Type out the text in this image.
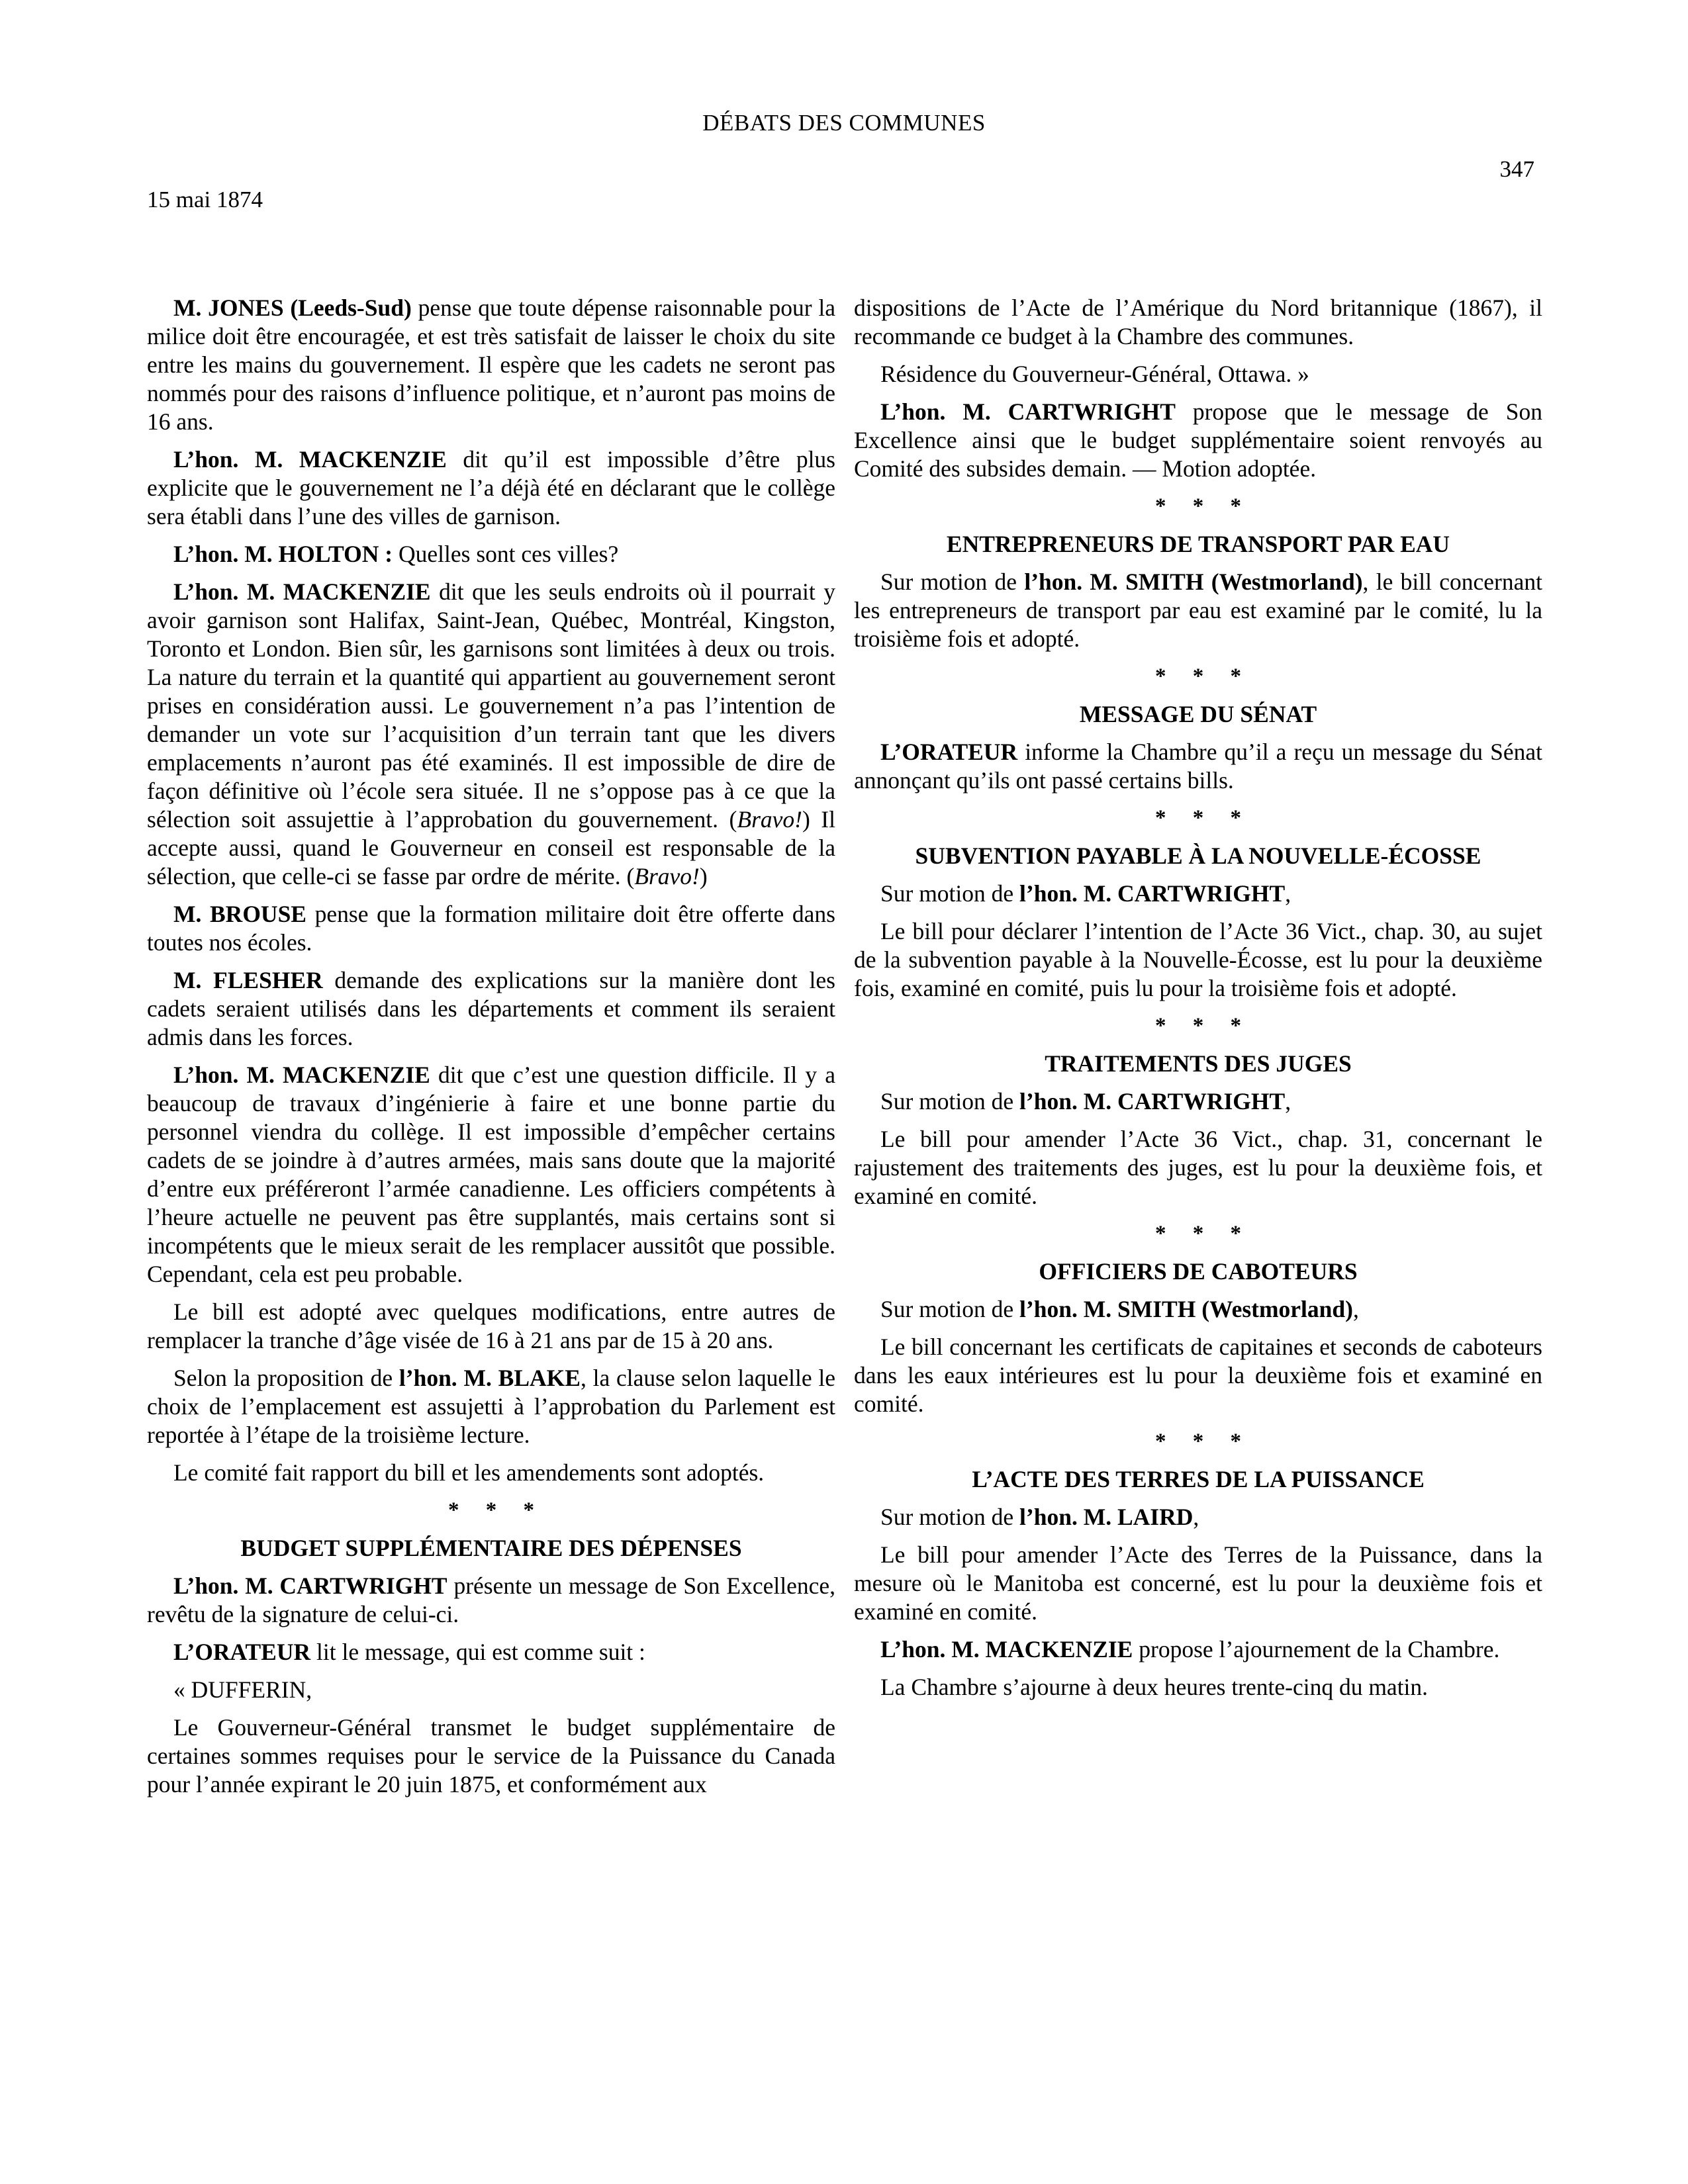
DÉBATS DES COMMUNES
347
15 mai 1874

M. JONES (Leeds-Sud) pense que toute dépense raisonnable pour la milice doit être encouragée, et est très satisfait de laisser le choix du site entre les mains du gouvernement. Il espère que les cadets ne seront pas nommés pour des raisons d’influence politique, et n’auront pas moins de 16 ans.

L’hon. M. MACKENZIE dit qu’il est impossible d’être plus explicite que le gouvernement ne l’a déjà été en déclarant que le collège sera établi dans l’une des villes de garnison.

L’hon. M. HOLTON : Quelles sont ces villes?

L’hon. M. MACKENZIE dit que les seuls endroits où il pourrait y avoir garnison sont Halifax, Saint-Jean, Québec, Montréal, Kingston, Toronto et London. Bien sûr, les garnisons sont limitées à deux ou trois. La nature du terrain et la quantité qui appartient au gouvernement seront prises en considération aussi. Le gouvernement n’a pas l’intention de demander un vote sur l’acquisition d’un terrain tant que les divers emplacements n’auront pas été examinés. Il est impossible de dire de façon définitive où l’école sera située. Il ne s’oppose pas à ce que la sélection soit assujettie à l’approbation du gouvernement. (Bravo!) Il accepte aussi, quand le Gouverneur en conseil est responsable de la sélection, que celle-ci se fasse par ordre de mérite. (Bravo!)

M. BROUSE pense que la formation militaire doit être offerte dans toutes nos écoles.

M. FLESHER demande des explications sur la manière dont les cadets seraient utilisés dans les départements et comment ils seraient admis dans les forces.

L’hon. M. MACKENZIE dit que c’est une question difficile. Il y a beaucoup de travaux d’ingénierie à faire et une bonne partie du personnel viendra du collège. Il est impossible d’empêcher certains cadets de se joindre à d’autres armées, mais sans doute que la majorité d’entre eux préféreront l’armée canadienne. Les officiers compétents à l’heure actuelle ne peuvent pas être supplantés, mais certains sont si incompétents que le mieux serait de les remplacer aussitôt que possible. Cependant, cela est peu probable.

Le bill est adopté avec quelques modifications, entre autres de remplacer la tranche d’âge visée de 16 à 21 ans par de 15 à 20 ans.

Selon la proposition de l’hon. M. BLAKE, la clause selon laquelle le choix de l’emplacement est assujetti à l’approbation du Parlement est reportée à l’étape de la troisième lecture.

Le comité fait rapport du bill et les amendements sont adoptés.

* * *
BUDGET SUPPLÉMENTAIRE DES DÉPENSES

L’hon. M. CARTWRIGHT présente un message de Son Excellence, revêtu de la signature de celui-ci.

L’ORATEUR lit le message, qui est comme suit :

« DUFFERIN,

Le Gouverneur-Général transmet le budget supplémentaire de certaines sommes requises pour le service de la Puissance du Canada pour l’année expirant le 20 juin 1875, et conformément aux

dispositions de l’Acte de l’Amérique du Nord britannique (1867), il recommande ce budget à la Chambre des communes.

Résidence du Gouverneur-Général, Ottawa. »

L’hon. M. CARTWRIGHT propose que le message de Son Excellence ainsi que le budget supplémentaire soient renvoyés au Comité des subsides demain. — Motion adoptée.

* * *
ENTREPRENEURS DE TRANSPORT PAR EAU

Sur motion de l’hon. M. SMITH (Westmorland), le bill concernant les entrepreneurs de transport par eau est examiné par le comité, lu la troisième fois et adopté.

* * *
MESSAGE DU SÉNAT

L’ORATEUR informe la Chambre qu’il a reçu un message du Sénat annonçant qu’ils ont passé certains bills.

* * *
SUBVENTION PAYABLE À LA NOUVELLE-ÉCOSSE

Sur motion de l’hon. M. CARTWRIGHT,

Le bill pour déclarer l’intention de l’Acte 36 Vict., chap. 30, au sujet de la subvention payable à la Nouvelle-Écosse, est lu pour la deuxième fois, examiné en comité, puis lu pour la troisième fois et adopté.

* * *
TRAITEMENTS DES JUGES

Sur motion de l’hon. M. CARTWRIGHT,

Le bill pour amender l’Acte 36 Vict., chap. 31, concernant le rajustement des traitements des juges, est lu pour la deuxième fois, et examiné en comité.

* * *
OFFICIERS DE CABOTEURS

Sur motion de l’hon. M. SMITH (Westmorland),

Le bill concernant les certificats de capitaines et seconds de caboteurs dans les eaux intérieures est lu pour la deuxième fois et examiné en comité.

* * *
L’ACTE DES TERRES DE LA PUISSANCE

Sur motion de l’hon. M. LAIRD,

Le bill pour amender l’Acte des Terres de la Puissance, dans la mesure où le Manitoba est concerné, est lu pour la deuxième fois et examiné en comité.

L’hon. M. MACKENZIE propose l’ajournement de la Chambre.

La Chambre s’ajourne à deux heures trente-cinq du matin.
